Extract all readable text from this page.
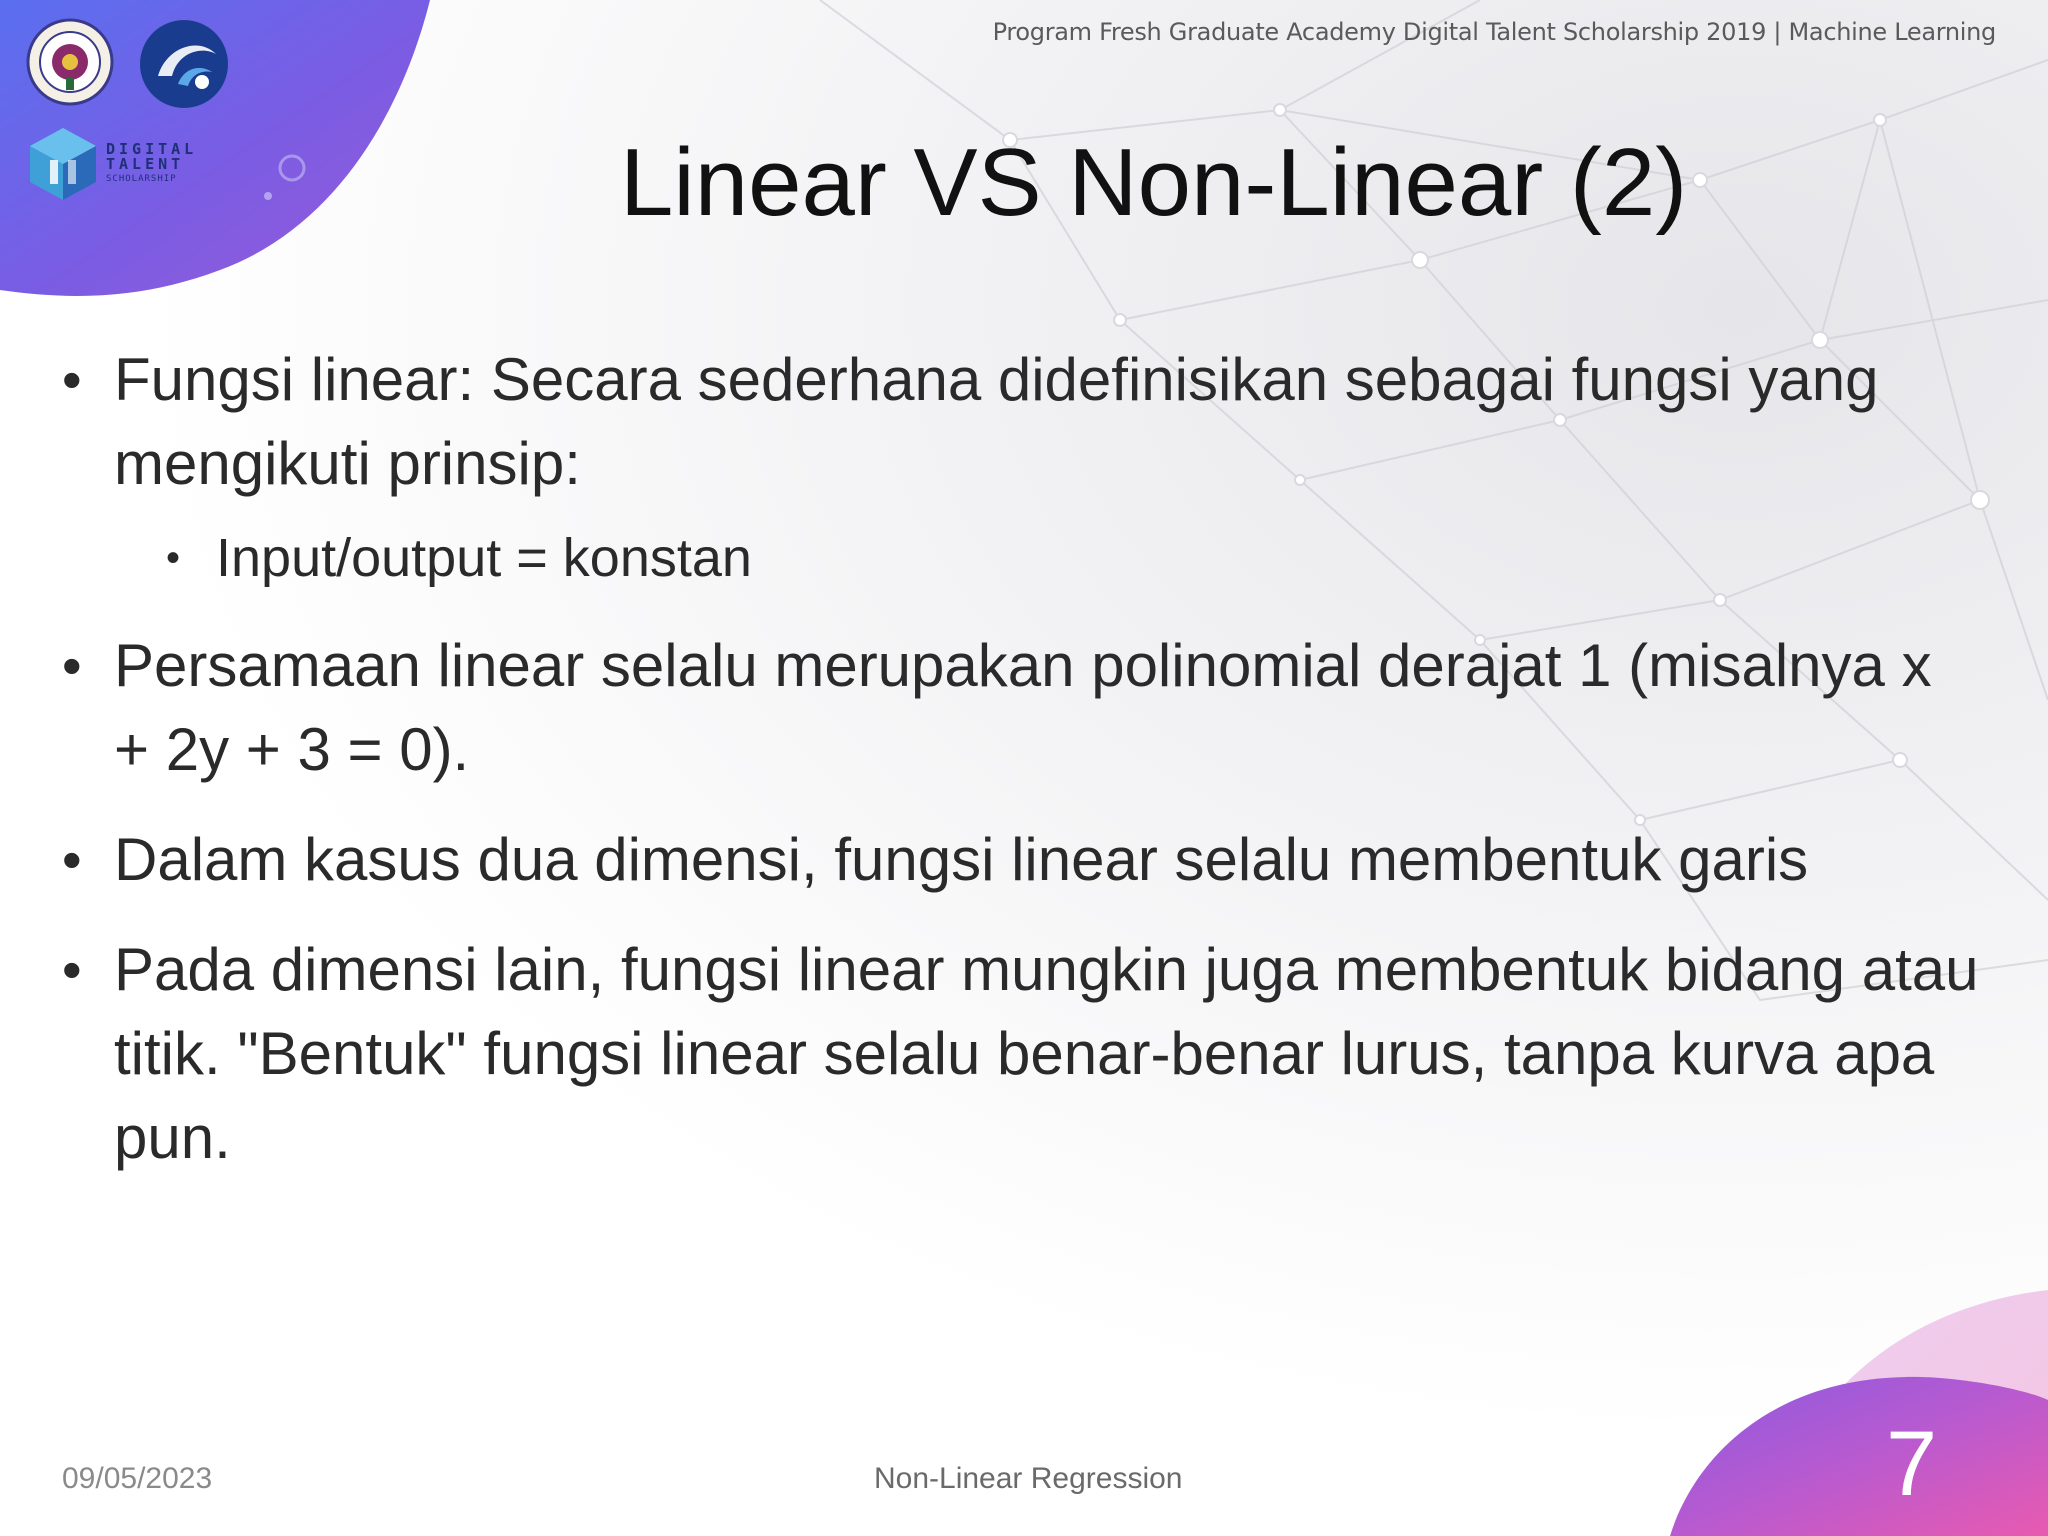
Program Fresh Graduate Academy Digital Talent Scholarship 2019 | Machine Learning
DIGITAL
TALENT
SCHOLARSHIP	Linear VS Non-Linear (2)
• Fungsi linear: Secara sederhana didefinisikan sebagai fungsi yang mengikuti prinsip:
• Input/output = konstan
• Persamaan linear selalu merupakan polinomial derajat 1 (misalnya x + 2y + 3 = 0).
• Dalam kasus dua dimensi, fungsi linear selalu membentuk garis
• Pada dimensi lain, fungsi linear mungkin juga membentuk bidang atau titik. "Bentuk" fungsi linear selalu benar-benar lurus, tanpa kurva apa pun.
09/05/2023	Non-Linear Regression	7
